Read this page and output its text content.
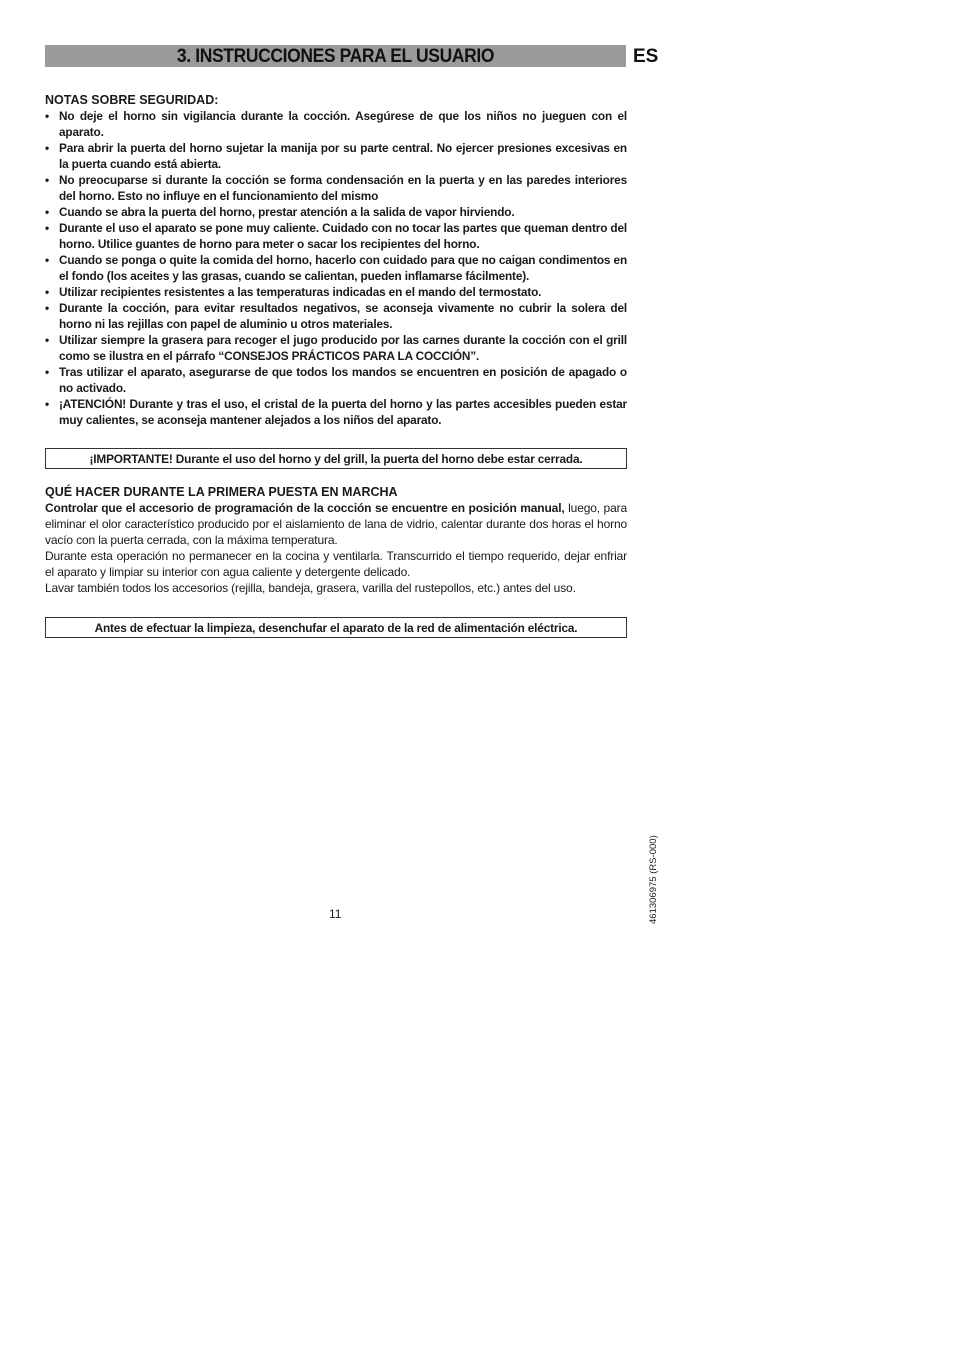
3. INSTRUCCIONES PARA EL USUARIO	ES
NOTAS SOBRE SEGURIDAD:
• No deje el horno sin vigilancia durante la cocción. Asegúrese de que los niños no jueguen con el aparato.
• Para abrir la puerta del horno sujetar la manija por su parte central. No ejercer presiones excesivas en la puerta cuando está abierta.
• No preocuparse si durante la cocción se forma condensación en la puerta y en las paredes interiores del horno. Esto no influye en el funcionamiento del mismo
• Cuando se abra la puerta del horno, prestar atención a la salida de vapor hirviendo.
• Durante el uso el aparato se pone muy caliente. Cuidado con no tocar las partes que queman dentro del horno. Utilice guantes de horno para meter o sacar los recipientes del horno.
• Cuando se ponga o quite la comida del horno, hacerlo con cuidado para que no caigan condimentos en el fondo (los aceites y las grasas, cuando se calientan, pueden inflamarse fácilmente).
• Utilizar recipientes resistentes a las temperaturas indicadas en el mando del termostato.
• Durante la cocción, para evitar resultados negativos, se aconseja vivamente no cubrir la solera del horno ni las rejillas con papel de aluminio u otros materiales.
• Utilizar siempre la grasera para recoger el jugo producido por las carnes durante la cocción con el grill como se ilustra en el párrafo “CONSEJOS PRÁCTICOS PARA LA COCCIÓN”.
• Tras utilizar el aparato, asegurarse de que todos los mandos se encuentren en posición de apagado o no activado.
• ¡ATENCIÓN! Durante y tras el uso, el cristal de la puerta del horno y las partes accesibles pueden estar muy calientes, se aconseja mantener alejados a los niños del aparato.
¡IMPORTANTE! Durante el uso del horno y del grill, la puerta del horno debe estar cerrada.
QUÉ HACER DURANTE LA PRIMERA PUESTA EN MARCHA

Controlar que el accesorio de programación de la cocción se encuentre en posición manual, luego, para eliminar el olor característico producido por el aislamiento de lana de vidrio, calentar durante dos horas el horno vacío con la puerta cerrada, con la máxima temperatura.

Durante esta operación no permanecer en la cocina y ventilarla. Transcurrido el tiempo requerido, dejar enfriar el aparato y limpiar su interior con agua caliente y detergente delicado.

Lavar también todos los accesorios (rejilla, bandeja, grasera, varilla del rustepollos, etc.) antes del uso.

Antes de efectuar la limpieza, desenchufar el aparato de la red de alimentación eléctrica.
11	461306975 (RS-000)
